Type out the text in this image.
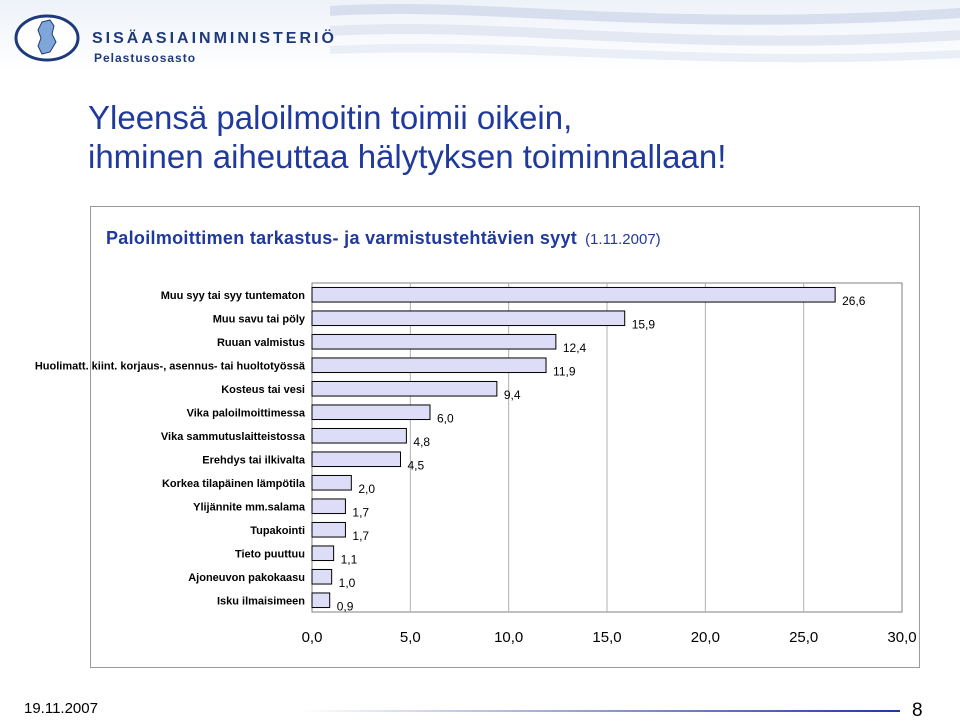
SISÄASIAINMINISTERIÖ
Pelastusosasto
Yleensä paloilmoitin toimii oikein,
ihminen aiheuttaa hälytyksen toiminnallaan!
Paloilmoittimen tarkastus- ja varmistustehtävien syyt (1.11.2007)
0,0	5,0	10,0	15,0	20,0	25,0	30,0
Muu syy tai syy tuntematon	26,6
Muu savu tai pöly	15,9
Ruuan valmistus	12,4
Huolimatt. kiint. korjaus-, asennus- tai huoltotyössä	11,9
Kosteus tai vesi	9,4
Vika paloilmoittimessa	6,0
Vika sammutuslaitteistossa	4,8
Erehdys tai ilkivalta	4,5
Korkea tilapäinen lämpötila	2,0
Ylijännite mm.salama	1,7
Tupakointi	1,7
Tieto puuttuu	1,1
Ajoneuvon pakokaasu	1,0
Isku ilmaisimeen	0,9
19.11.2007	8
